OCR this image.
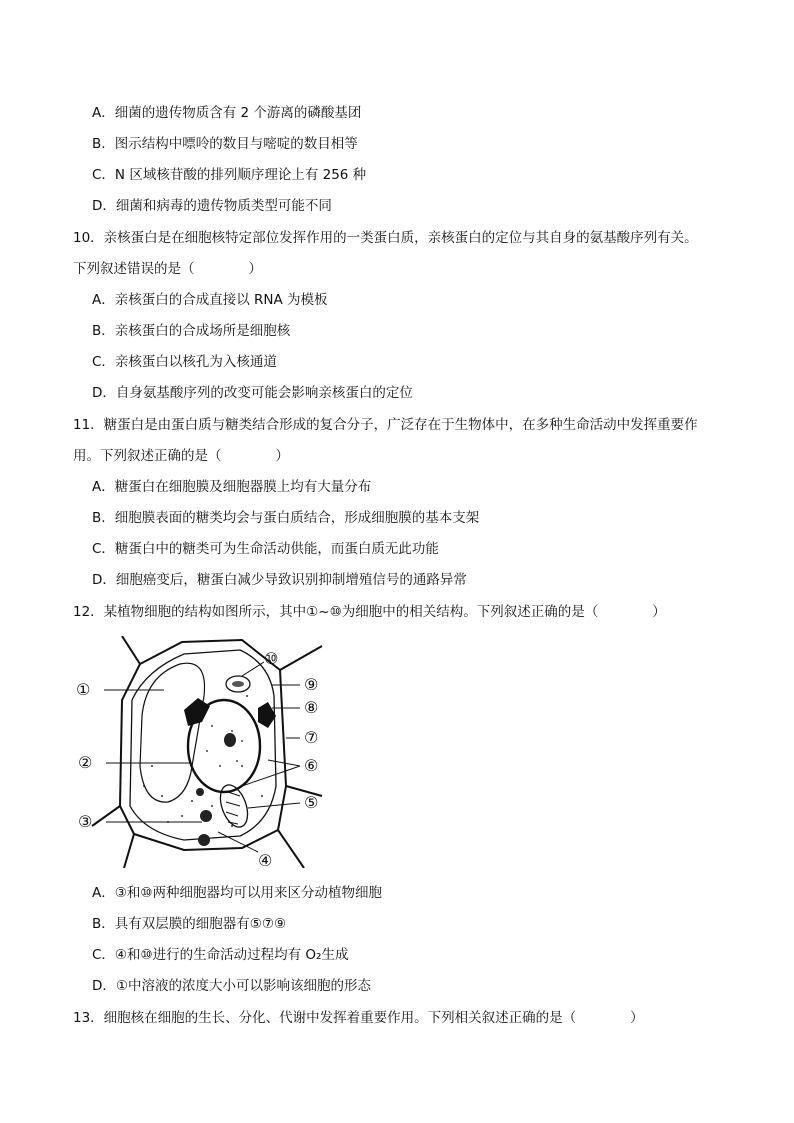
A．细菌的遗传物质含有 2 个游离的磷酸基团
B．图示结构中嘌呤的数目与嘧啶的数目相等
C．N 区域核苷酸的排列顺序理论上有 256 种
D．细菌和病毒的遗传物质类型可能不同
10．亲核蛋白是在细胞核特定部位发挥作用的一类蛋白质，亲核蛋白的定位与其自身的氨基酸序列有关。
下列叙述错误的是（　　　　）
A．亲核蛋白的合成直接以 RNA 为模板
B．亲核蛋白的合成场所是细胞核
C．亲核蛋白以核孔为入核通道
D．自身氨基酸序列的改变可能会影响亲核蛋白的定位
11．糖蛋白是由蛋白质与糖类结合形成的复合分子，广泛存在于生物体中，在多种生命活动中发挥重要作
用。下列叙述正确的是（　　　　）
A．糖蛋白在细胞膜及细胞器膜上均有大量分布
B．细胞膜表面的糖类均会与蛋白质结合，形成细胞膜的基本支架
C．糖蛋白中的糖类可为生命活动供能，而蛋白质无此功能
D．细胞癌变后，糖蛋白减少导致识别抑制增殖信号的通路异常
12．某植物细胞的结构如图所示，其中①~⑩为细胞中的相关结构。下列叙述正确的是（　　　　）
①
②
③
④
⑤
⑥
⑦
⑧
⑨
⑩
A．③和⑩两种细胞器均可以用来区分动植物细胞
B．具有双层膜的细胞器有⑤⑦⑨
C．④和⑩进行的生命活动过程均有 O₂生成
D．①中溶液的浓度大小可以影响该细胞的形态
13．细胞核在细胞的生长、分化、代谢中发挥着重要作用。下列相关叙述正确的是（　　　　）
